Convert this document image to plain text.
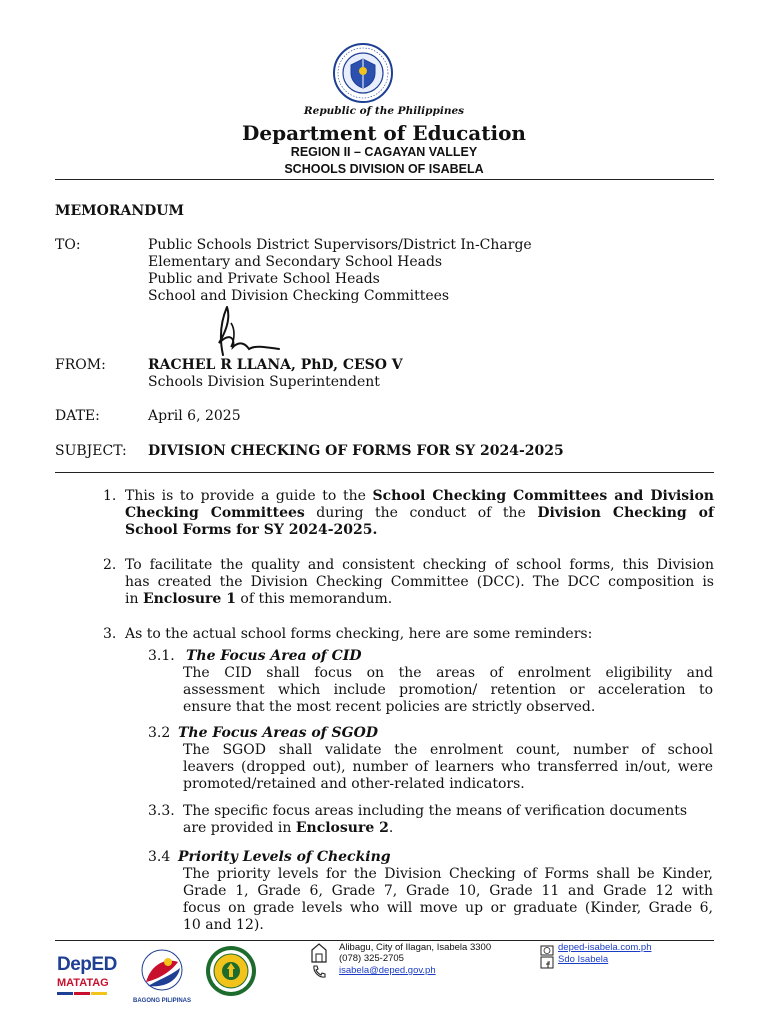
Republic of the Philippines
Department of Education
REGION II – CAGAYAN VALLEY
SCHOOLS DIVISION OF ISABELA
MEMORANDUM
TO:	Public Schools District Supervisors/District In-Charge
Elementary and Secondary School Heads
Public and Private School Heads
School and Division Checking Committees
FROM:	RACHEL R LLANA, PhD, CESO V
Schools Division Superintendent
DATE:	April 6, 2025
SUBJECT: DIVISION CHECKING OF FORMS FOR SY 2024-2025
1. This is to provide a guide to the School Checking Committees and Division
Checking Committees during the conduct of the Division Checking of
School Forms for SY 2024-2025.
2. To facilitate the quality and consistent checking of school forms, this Division
has created the Division Checking Committee (DCC). The DCC composition is
in Enclosure 1 of this memorandum.
3. As to the actual school forms checking, here are some reminders:
3.1. The Focus Area of CID
The CID shall focus on the areas of enrolment eligibility and
assessment which include promotion/ retention or acceleration to
ensure that the most recent policies are strictly observed.
3.2 The Focus Areas of SGOD
The SGOD shall validate the enrolment count, number of school
leavers (dropped out), number of learners who transferred in/out, were
promoted/retained and other-related indicators.
3.3. The specific focus areas including the means of verification documents
are provided in Enclosure 2.
3.4 Priority Levels of Checking
The priority levels for the Division Checking of Forms shall be Kinder,
Grade 1, Grade 6, Grade 7, Grade 10, Grade 11 and Grade 12 with
focus on grade levels who will move up or graduate (Kinder, Grade 6,
10 and 12).
DepED
MATATAG
BAGONG PILIPINAS
Alibagu, City of Ilagan, Isabela 3300
(078) 325-2705
isabela@deped.gov.ph
deped-isabela.com.ph
Sdo Isabela
